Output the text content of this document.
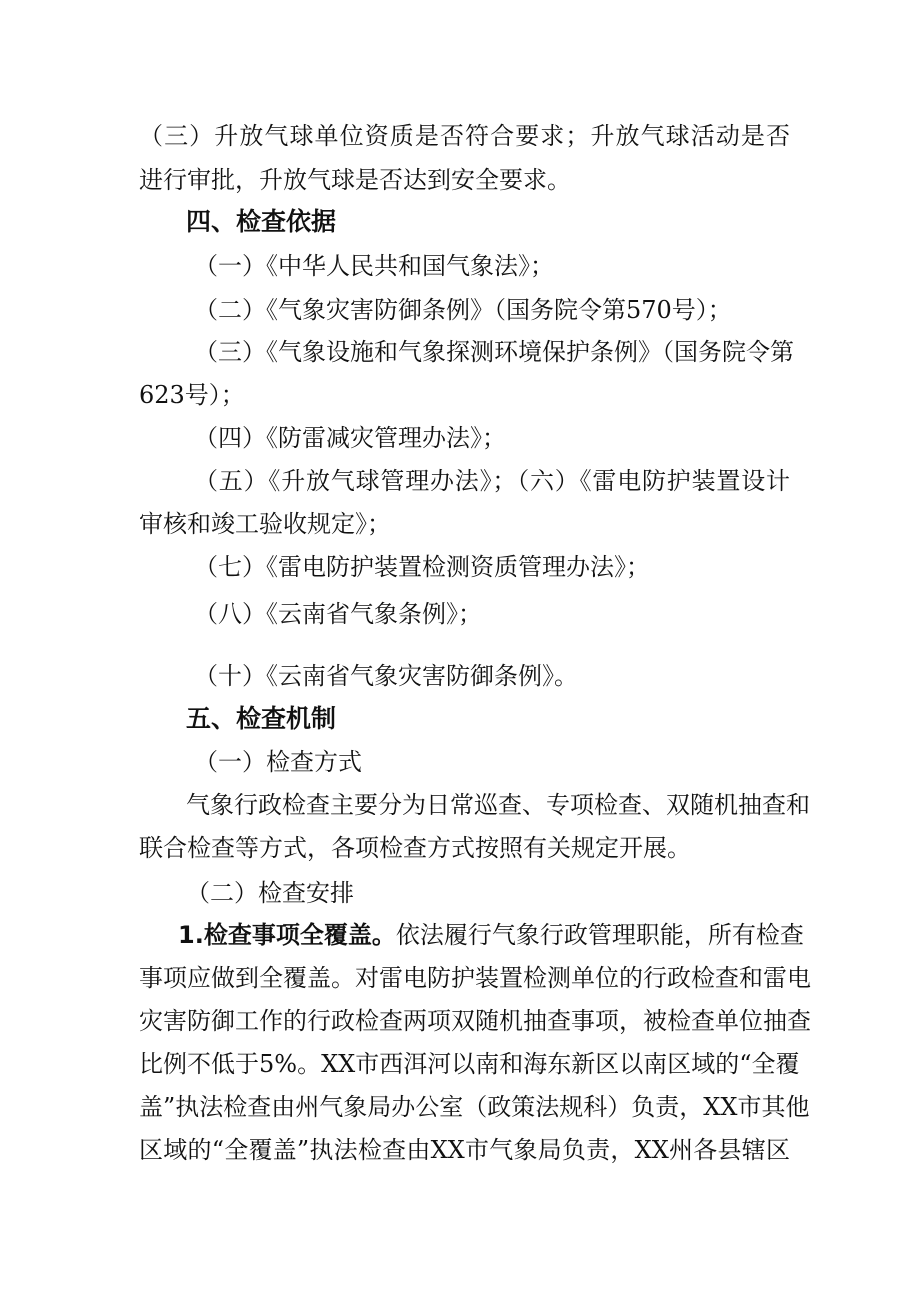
（三）升放气球单位资质是否符合要求；升放气球活动是否
进行审批，升放气球是否达到安全要求。
四、检查依据
（一）《中华人民共和国气象法》；
（二）《气象灾害防御条例》（国务院令第570号）；
（三）《气象设施和气象探测环境保护条例》（国务院令第
623号）；
（四）《防雷减灾管理办法》；
（五）《升放气球管理办法》；（六）《雷电防护装置设计
审核和竣工验收规定》；
（七）《雷电防护装置检测资质管理办法》；
（八）《云南省气象条例》；
（十）《云南省气象灾害防御条例》。
五、检查机制
（一）检查方式
气象行政检查主要分为日常巡查、专项检查、双随机抽查和
联合检查等方式，各项检查方式按照有关规定开展。
（二）检查安排
1.检查事项全覆盖。 依法履行气象行政管理职能，所有检查
事项应做到全覆盖。对雷电防护装置检测单位的行政检查和雷电
灾害防御工作的行政检查两项双随机抽查事项，被检查单位抽查
比例不低于5%。XX市西洱河以南和海东新区以南区域的“全覆
盖”执法检查由州气象局办公室（政策法规科）负责，XX市其他
区域的“全覆盖”执法检查由XX市气象局负责，XX州各县辖区
